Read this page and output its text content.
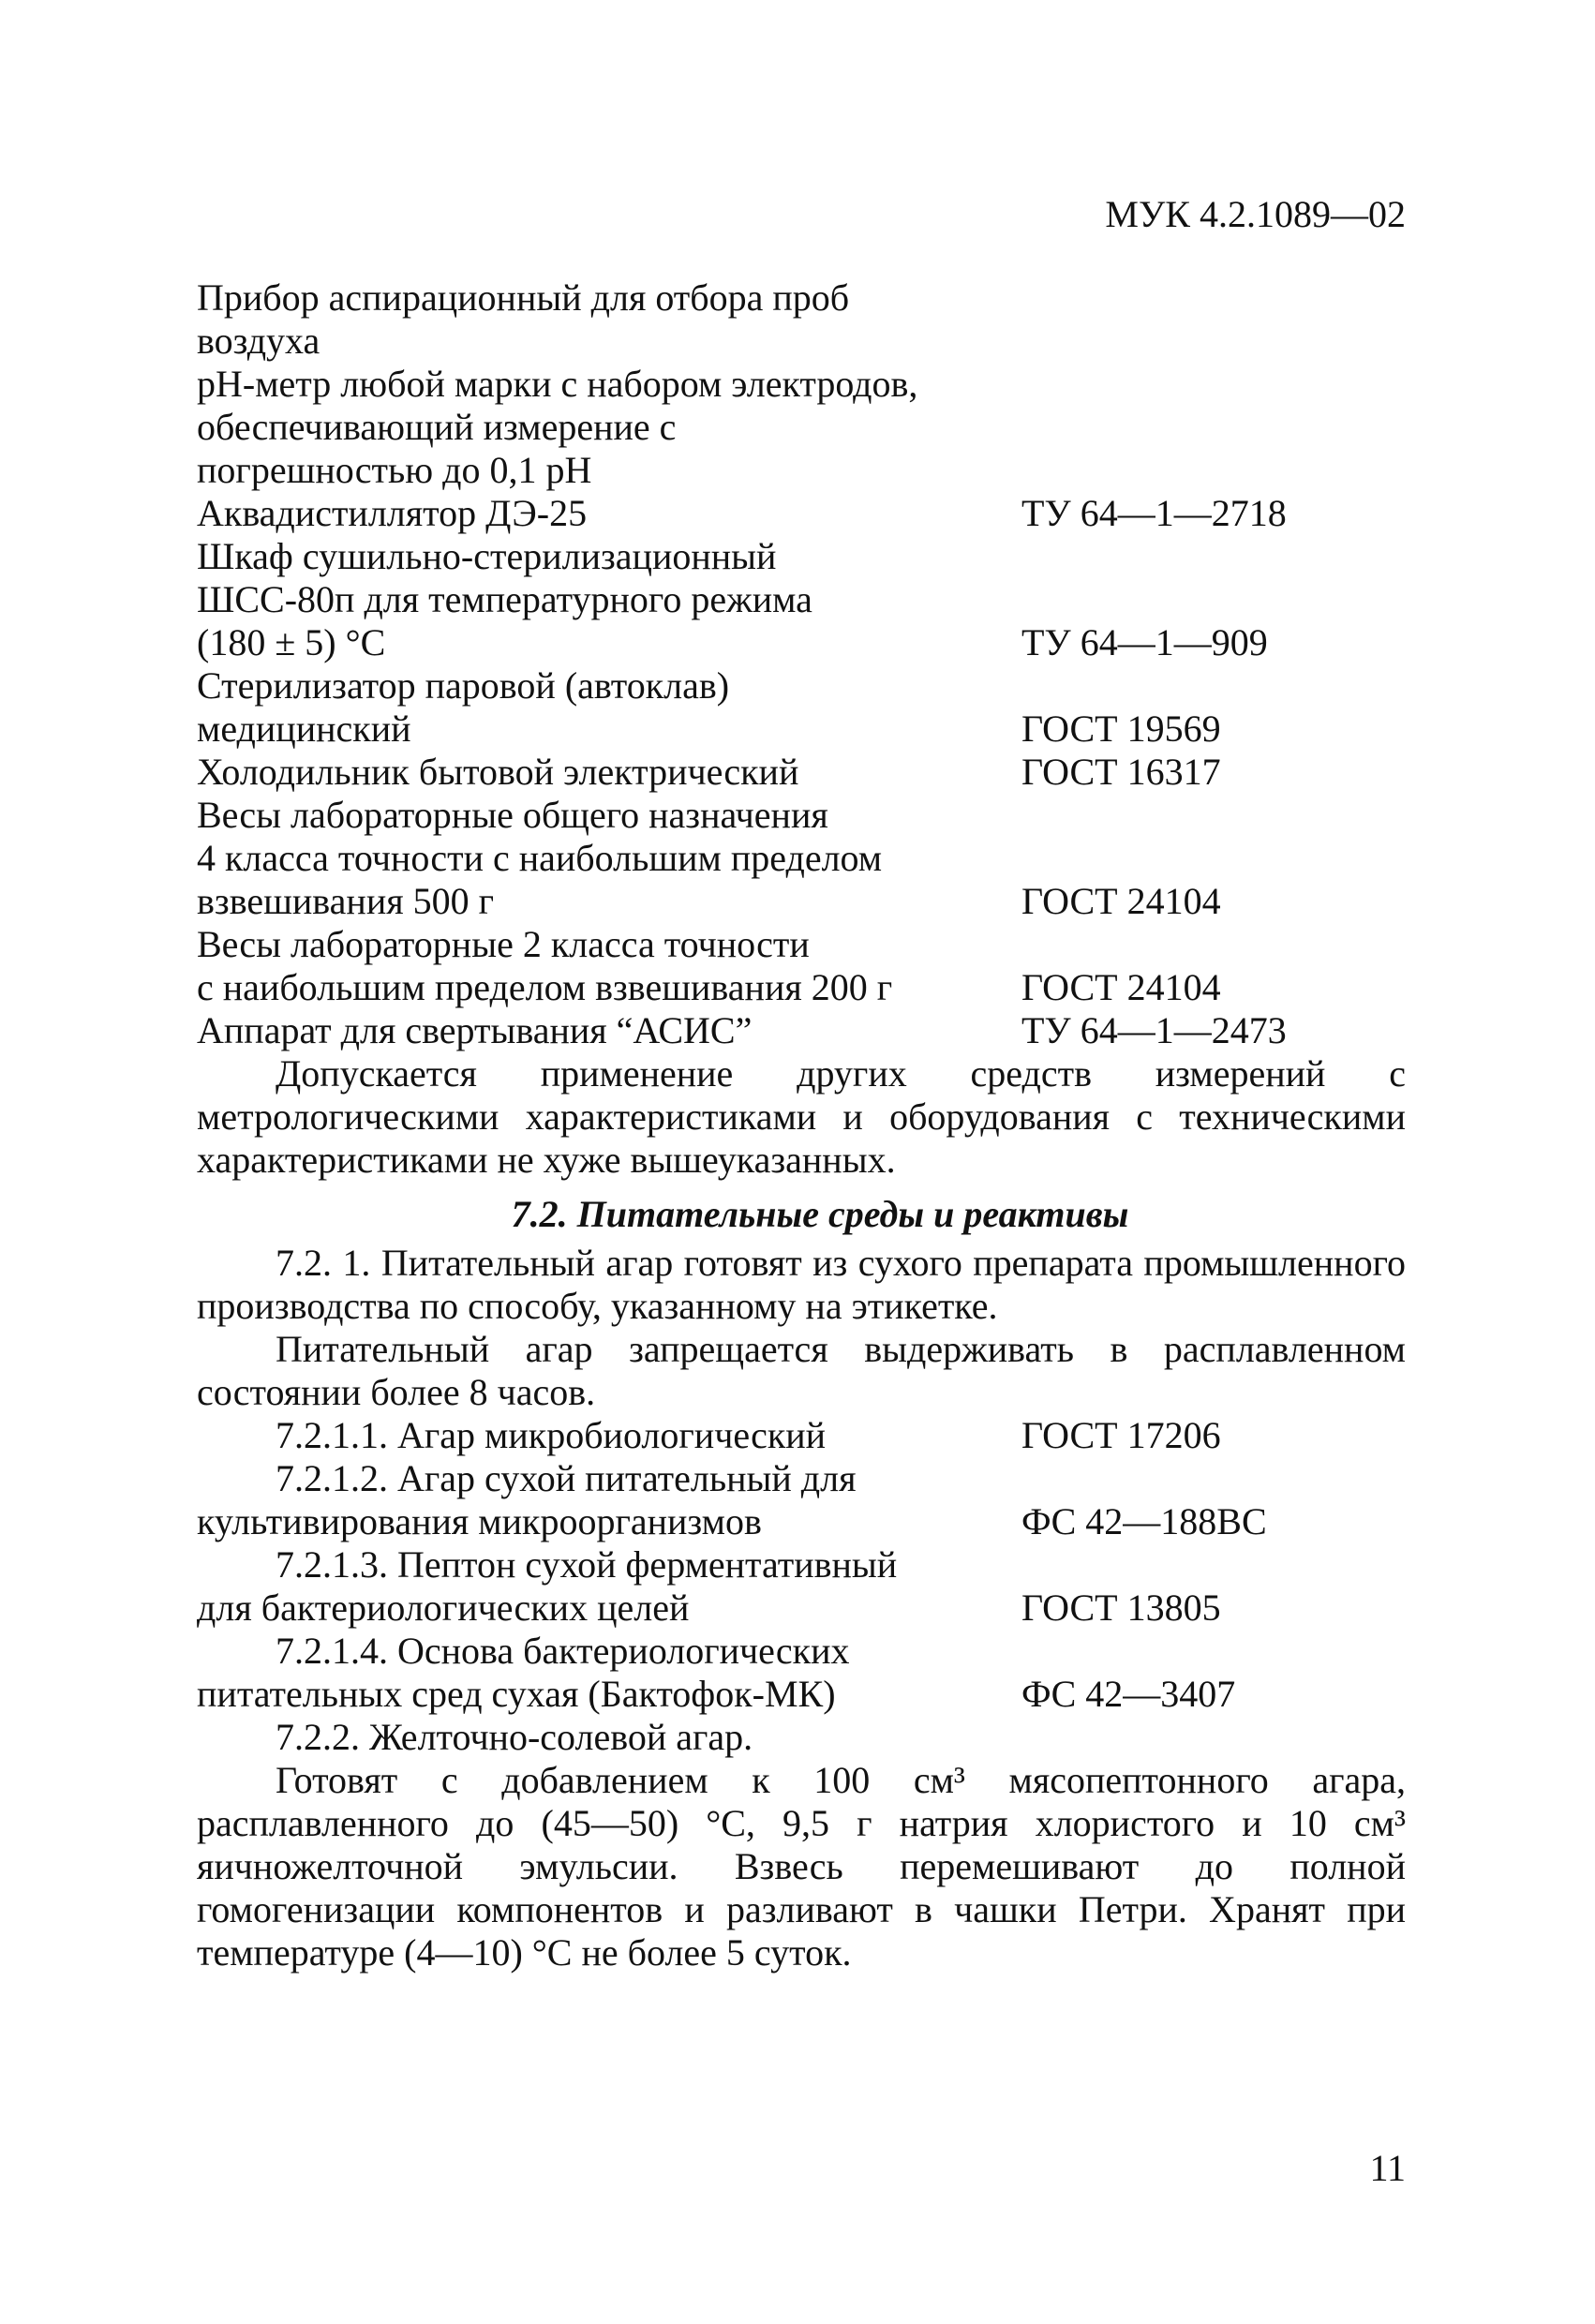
МУК 4.2.1089—02
Прибор аспирационный для отбора проб
воздуха
рН-метр любой марки с набором электродов,
обеспечивающий измерение с
погрешностью до 0,1 рН
Аквадистиллятор ДЭ-25	ТУ 64—1—2718
Шкаф сушильно-стерилизационный
ШСС-80п для температурного режима
(180 ± 5) °С	ТУ 64—1—909
Стерилизатор паровой (автоклав)
медицинский	ГОСТ 19569
Холодильник бытовой электрический	ГОСТ 16317
Весы лабораторные общего назначения
4 класса точности с наибольшим пределом
взвешивания 500 г	ГОСТ 24104
Весы лабораторные 2 класса точности
с наибольшим пределом взвешивания 200 г	ГОСТ 24104
Аппарат для свертывания “АСИС”	ТУ 64—1—2473
Допускается применение других средств измерений с метрологическими характеристиками и оборудования с техническими характеристиками не хуже вышеуказанных.
7.2. Питательные среды и реактивы
7.2. 1. Питательный агар готовят из сухого препарата промышленного производства по способу, указанному на этикетке.
Питательный агар запрещается выдерживать в расплавленном состоянии более 8 часов.
7.2.1.1. Агар микробиологический	ГОСТ 17206
7.2.1.2. Агар сухой питательный для
культивирования микроорганизмов	ФС 42—188ВС
7.2.1.3. Пептон сухой ферментативный
для бактериологических целей	ГОСТ 13805
7.2.1.4. Основа бактериологических
питательных сред сухая (Бактофок-МК)	ФС 42—3407
7.2.2. Желточно-солевой агар.
Готовят с добавлением к 100 см³ мясопептонного агара, расплавленного до (45—50) °С, 9,5 г натрия хлористого и 10 см³ яичножелточной эмульсии. Взвесь перемешивают до полной гомогенизации компонентов и разливают в чашки Петри. Хранят при температуре (4—10) °С не более 5 суток.
11
